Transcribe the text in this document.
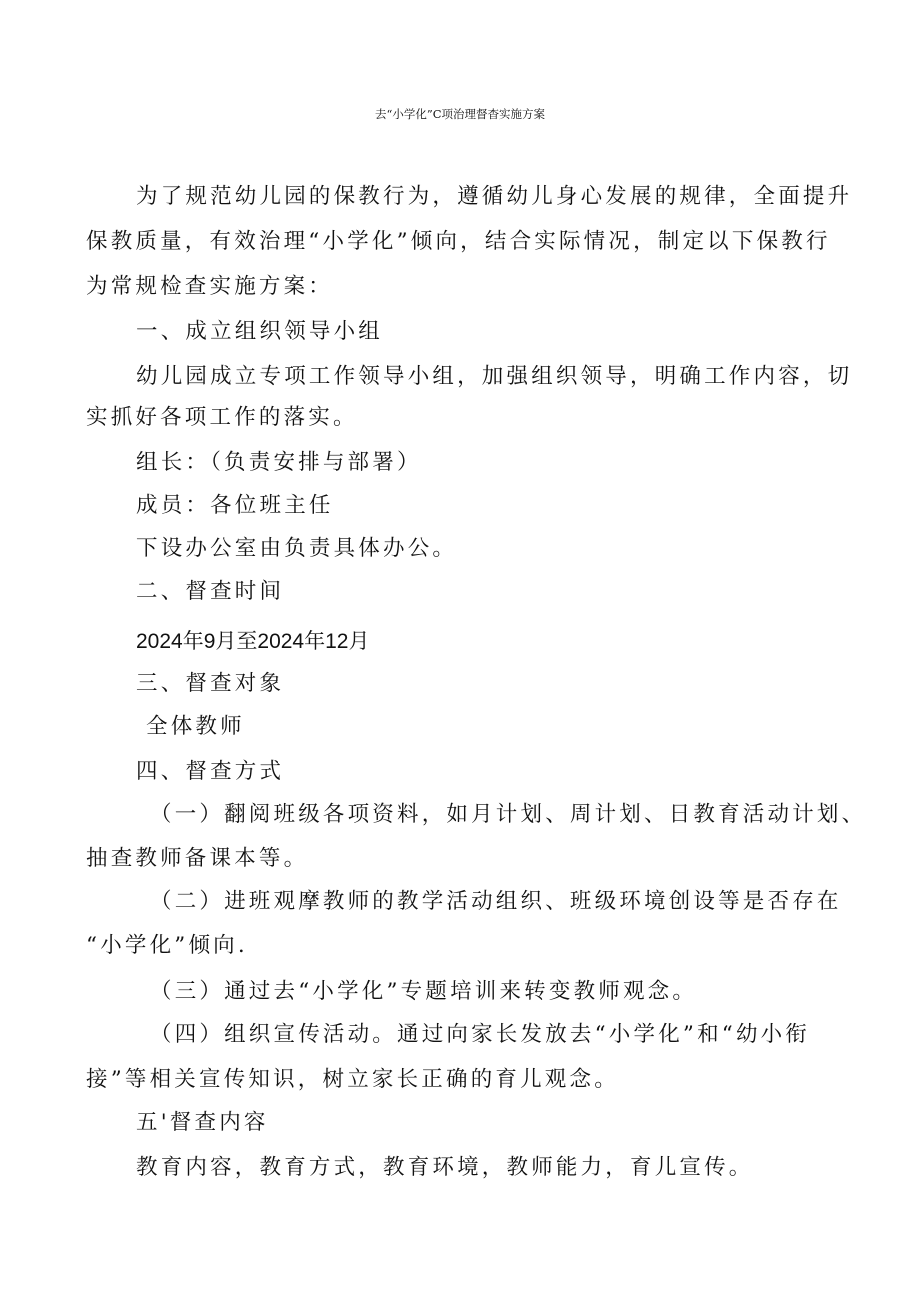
去“小学化”C项治理督杳实施方案
为了规范幼儿园的保教行为，遵循幼儿身心发展的规律，全面提升
保教质量，有效治理“小学化”倾向，结合实际情况，制定以下保教行
为常规检查实施方案：
一、成立组织领导小组
幼儿园成立专项工作领导小组，加强组织领导，明确工作内容，切
实抓好各项工作的落实。
组长：（负责安排与部署）
成员：各位班主任
下设办公室由负责具体办公。
二、督查时间
2024年9月至2024年12月
三、督查对象
全体教师
四、督查方式
（一）翻阅班级各项资料，如月计划、周计划、日教育活动计划、
抽查教师备课本等。
（二）进班观摩教师的教学活动组织、班级环境创设等是否存在
“小学化”倾向.
（三）通过去“小学化”专题培训来转变教师观念。
（四）组织宣传活动。通过向家长发放去“小学化”和“幼小衔
接”等相关宣传知识，树立家长正确的育儿观念。
五'督查内容
教育内容，教育方式，教育环境，教师能力，育儿宣传。
